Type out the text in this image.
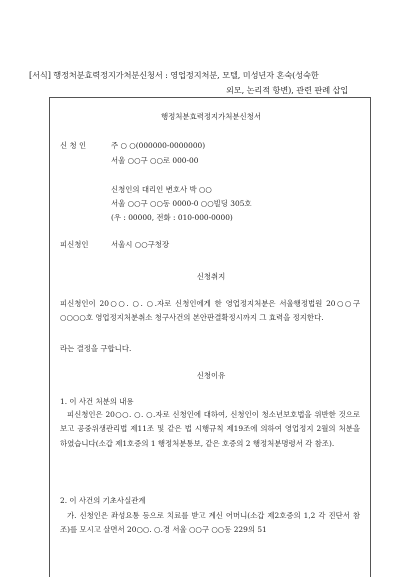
[서식] 행정처분효력정지가처분신청서 : 영업정지처분, 모텔, 미성년자 혼숙(성숙한
외모, 논리적 항변), 관련 판례 삽입
행정처분효력정지가처분신청서
신 청 인	주 ○ ○(000000-0000000)
서울 ○○구 ○○로 000-00
신청인의 대리인 변호사 박 ○○
서울 ○○구 ○○동 0000-0 ○○빌딩 305호
(우 : 00000, 전화 : 010-000-0000)
피신청인	서울시 ○○구청장
신청취지
피신청인이 20○○. ○. ○.자로 신청인에게 한 영업정지처분은 서울행정법원 20○○구○○○○호 영업정지처분취소 청구사건의 본안판결확정시까지 그 효력을 정지한다.
라는 결정을 구합니다.
신청이유
1. 이 사건 처분의 내용
피신청인은 20○○. ○. ○.자로 신청인에 대하여, 신청인이 청소년보호법을 위반한 것으로 보고 공중위생관리법 제11조 및 같은 법 시행규칙 제19조에 의하여 영업정지 2월의 처분을 하였습니다(소갑 제1호증의 1 행정처분통보, 같은 호증의 2 행정처분명령서 각 참조).
2. 이 사건의 기초사실관계
가. 신청인은 좌성요통 등으로 치료를 받고 계신 어머니(소갑 제2호증의 1,2 각 진단서 참조)를 모시고 살면서 20○○. ○.경 서울 ○○구 ○○동 229의 51
